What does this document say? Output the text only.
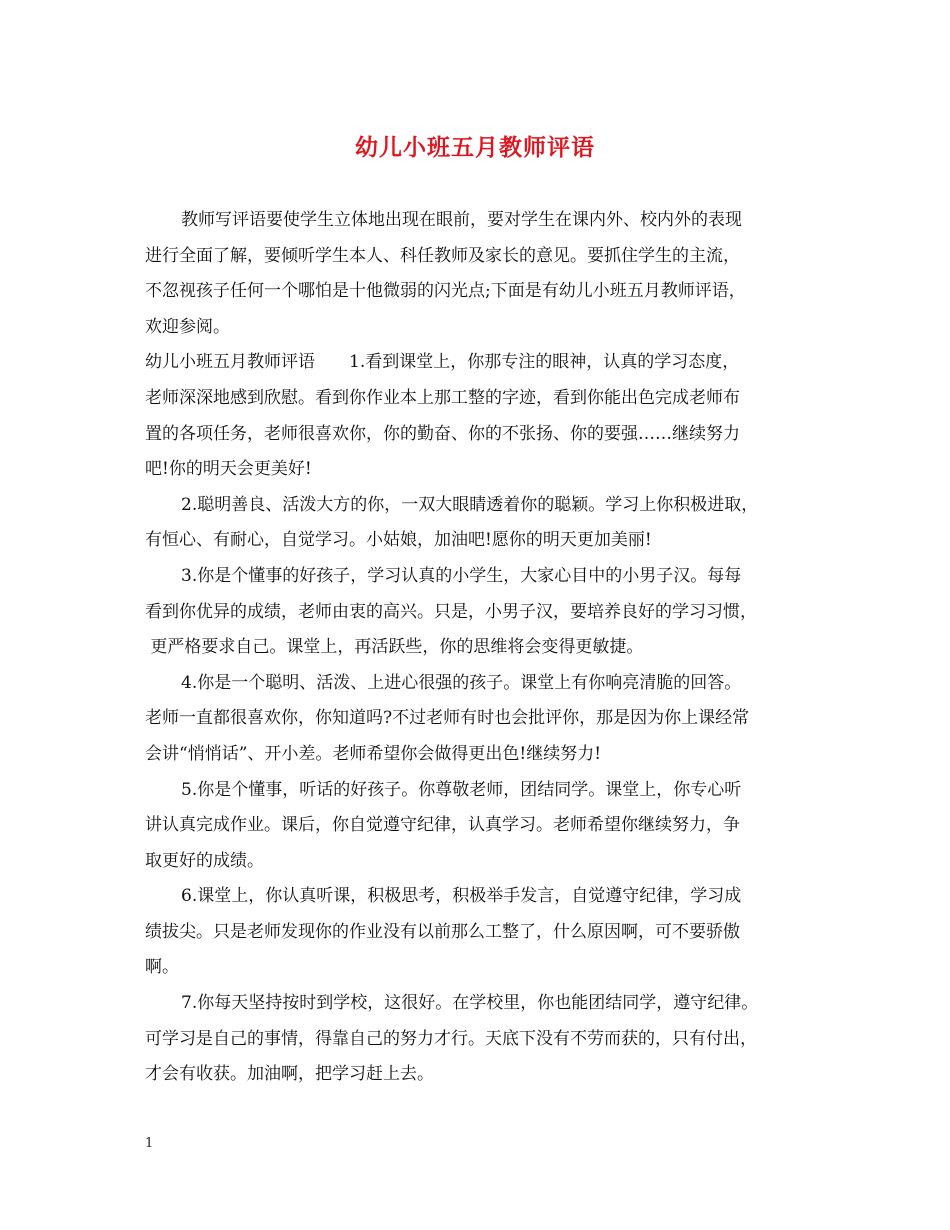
幼儿小班五月教师评语
教师写评语要使学生立体地出现在眼前，要对学生在课内外、校内外的表现
进行全面了解，要倾听学生本人、科任教师及家长的意见。要抓住学生的主流，
不忽视孩子任何一个哪怕是十他微弱的闪光点;下面是有幼儿小班五月教师评语，
欢迎参阅。
幼儿小班五月教师评语 1.看到课堂上，你那专注的眼神，认真的学习态度，
老师深深地感到欣慰。看到你作业本上那工整的字迹，看到你能出色完成老师布
置的各项任务，老师很喜欢你，你的勤奋、你的不张扬、你的要强……继续努力
吧!你的明天会更美好!
2.聪明善良、活泼大方的你，一双大眼睛透着你的聪颖。学习上你积极进取，
有恒心、有耐心，自觉学习。小姑娘，加油吧!愿你的明天更加美丽!
3.你是个懂事的好孩子，学习认真的小学生，大家心目中的小男子汉。每每
看到你优异的成绩，老师由衷的高兴。只是，小男子汉，要培养良好的学习习惯，
更严格要求自己。课堂上，再活跃些，你的思维将会变得更敏捷。
4.你是一个聪明、活泼、上进心很强的孩子。课堂上有你响亮清脆的回答。
老师一直都很喜欢你，你知道吗?不过老师有时也会批评你，那是因为你上课经常
会讲“悄悄话”、开小差。老师希望你会做得更出色!继续努力!
5.你是个懂事，听话的好孩子。你尊敬老师，团结同学。课堂上，你专心听
讲认真完成作业。课后，你自觉遵守纪律，认真学习。老师希望你继续努力，争
取更好的成绩。
6.课堂上，你认真听课，积极思考，积极举手发言，自觉遵守纪律，学习成
绩拔尖。只是老师发现你的作业没有以前那么工整了，什么原因啊，可不要骄傲
啊。
7.你每天坚持按时到学校，这很好。在学校里，你也能团结同学，遵守纪律。
可学习是自己的事情，得靠自己的努力才行。天底下没有不劳而获的，只有付出，
才会有收获。加油啊，把学习赶上去。
1
